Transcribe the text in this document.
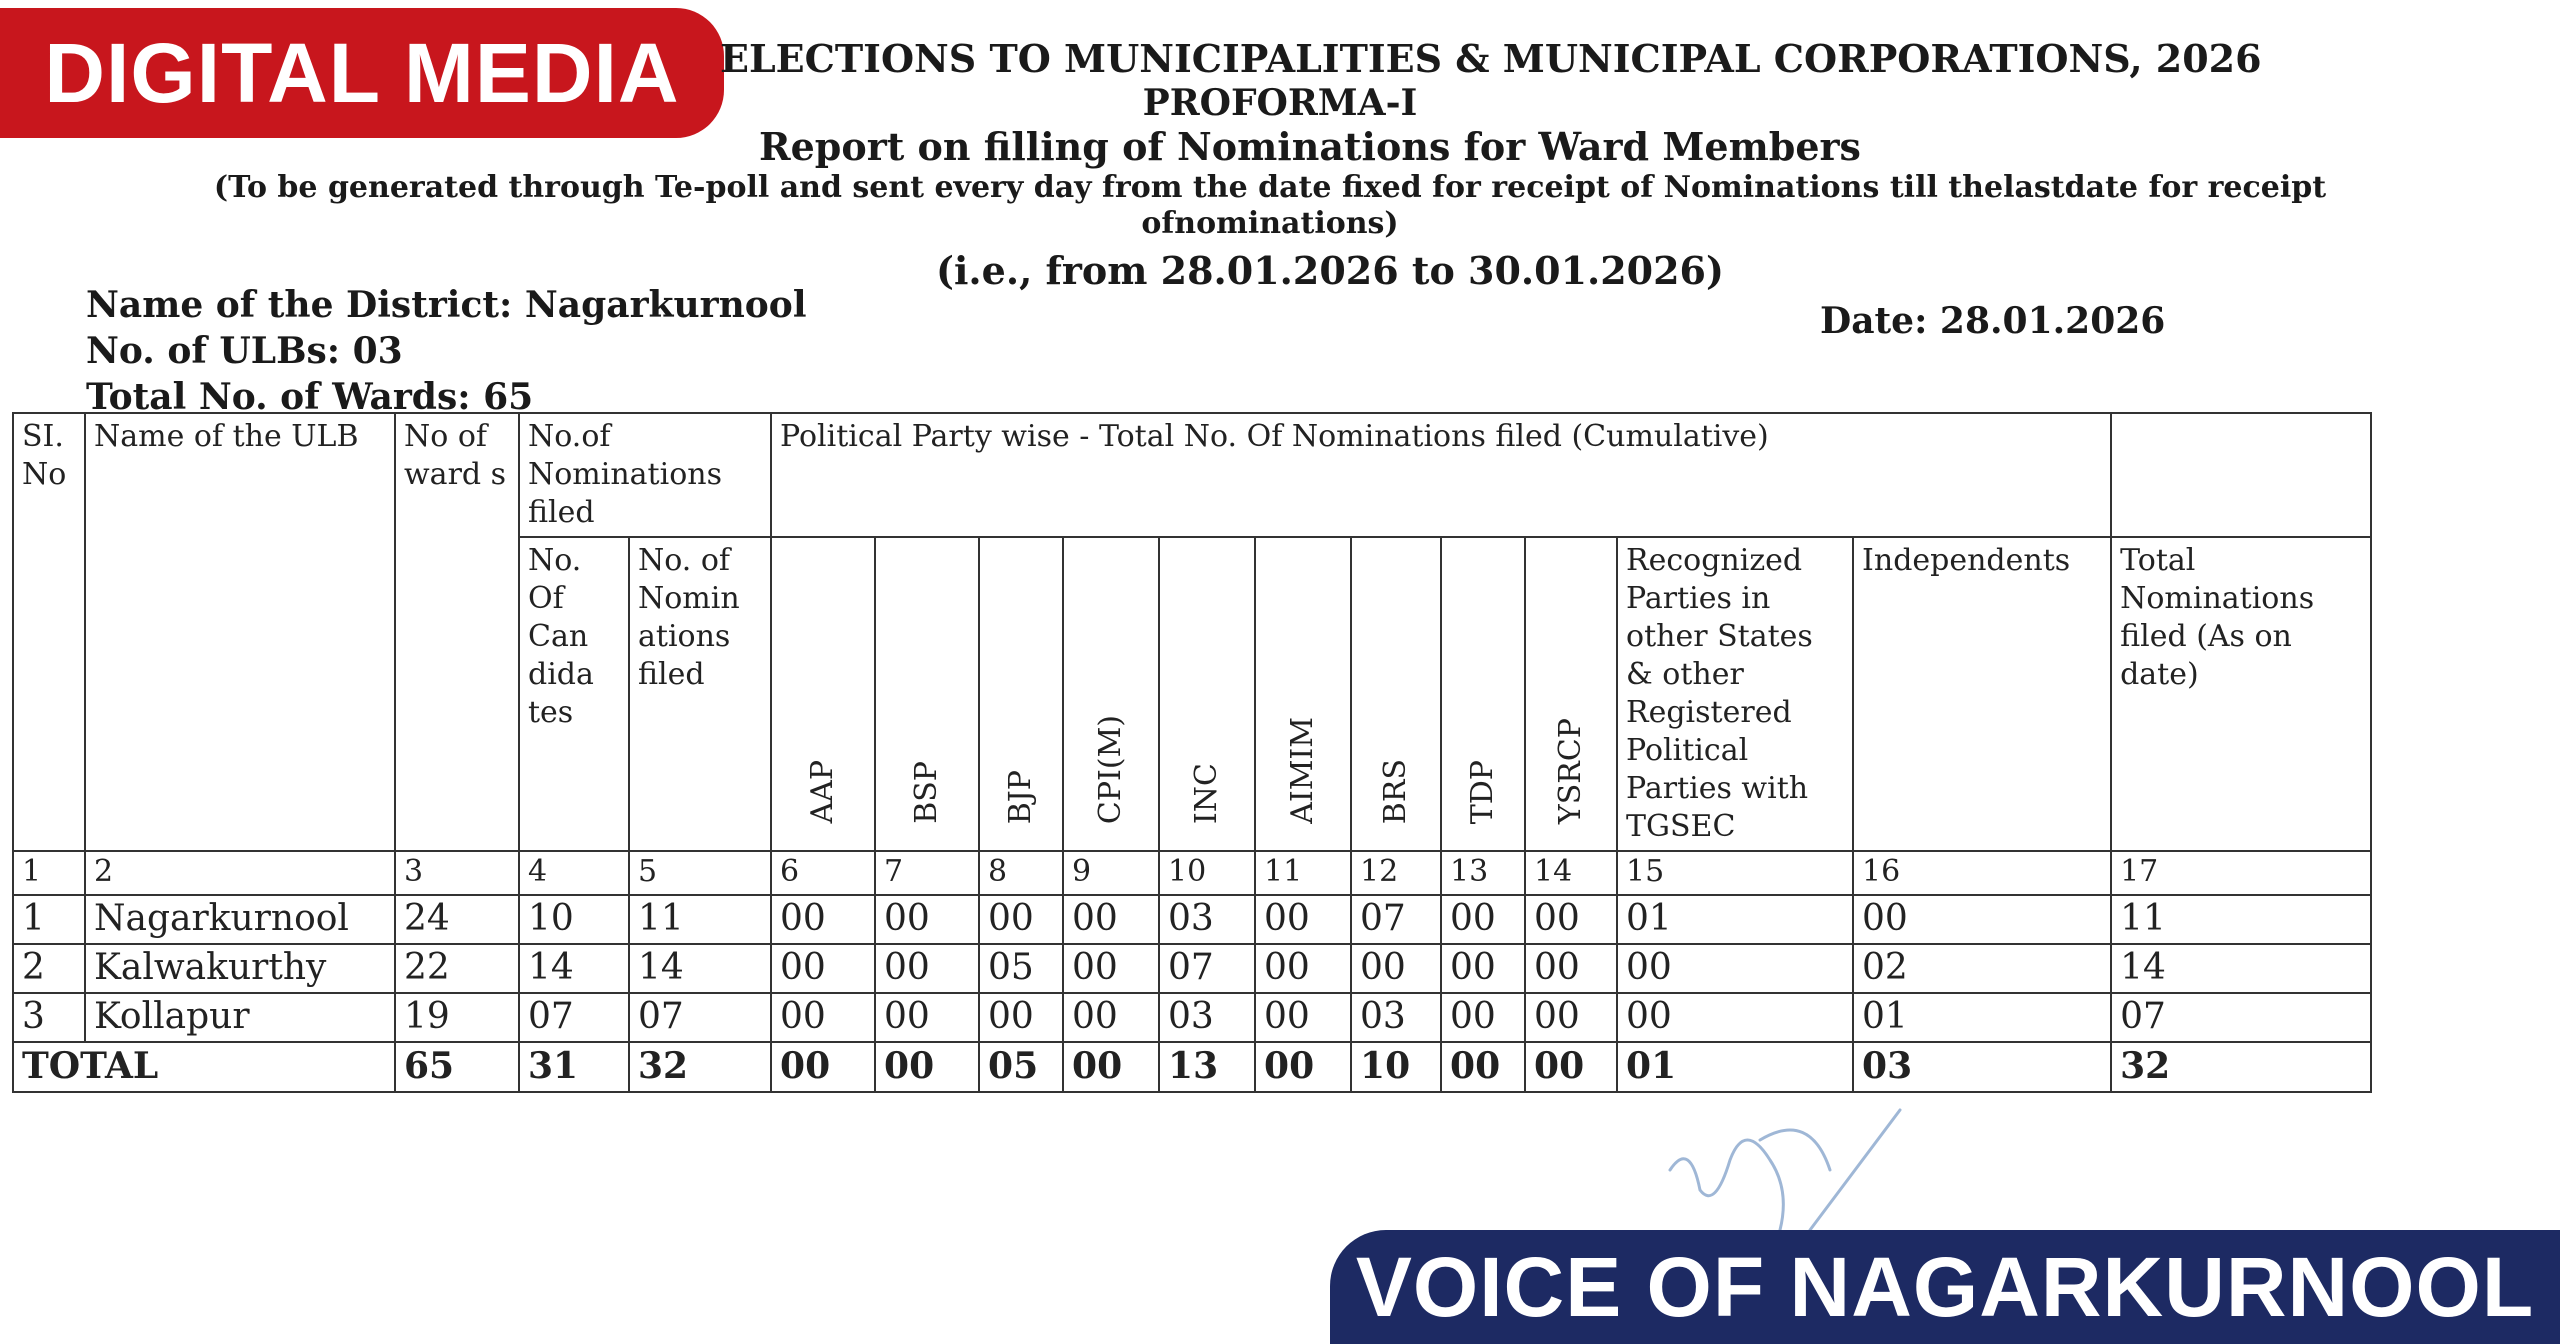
DIGITAL MEDIA	ELECTIONS TO MUNICIPALITIES & MUNICIPAL CORPORATIONS, 2026
PROFORMA-I
Report on filling of Nominations for Ward Members
(To be generated through Te-poll and sent every day from the date fixed for receipt of Nominations till thelastdate for receipt ofnominations)
(i.e., from 28.01.2026 to 30.01.2026)
Name of the District: Nagarkurnool
No. of ULBs: 03
Total No. of Wards: 65
Date: 28.01.2026
SI. No	Name of the ULB	No of ward s	No.of Nominations filed		Political Party wise - Total No. Of Nominations filed (Cumulative)											
			No. Of Can dida tes	No. of Nomin ations filed	AAP	BSP	BJP	CPI(M)	INC	AIMIM	BRS	TDP	YSRCP	Recognized Parties in other States & other Registered Political Parties with TGSEC	Independents	Total Nominations filed (As on date)
1	2	3	4	5	6	7	8	9	10	11	12	13	14	15	16	17
1	Nagarkurnool	24	10	11	00	00	00	00	03	00	07	00	00	01	00	11
2	Kalwakurthy	22	14	14	00	00	05	00	07	00	00	00	00	00	02	14
3	Kollapur	19	07	07	00	00	00	00	03	00	03	00	00	00	01	07
TOTAL		65	31	32	00	00	05	00	13	00	10	00	00	01	03	32
VOICE OF NAGARKURNOOL
